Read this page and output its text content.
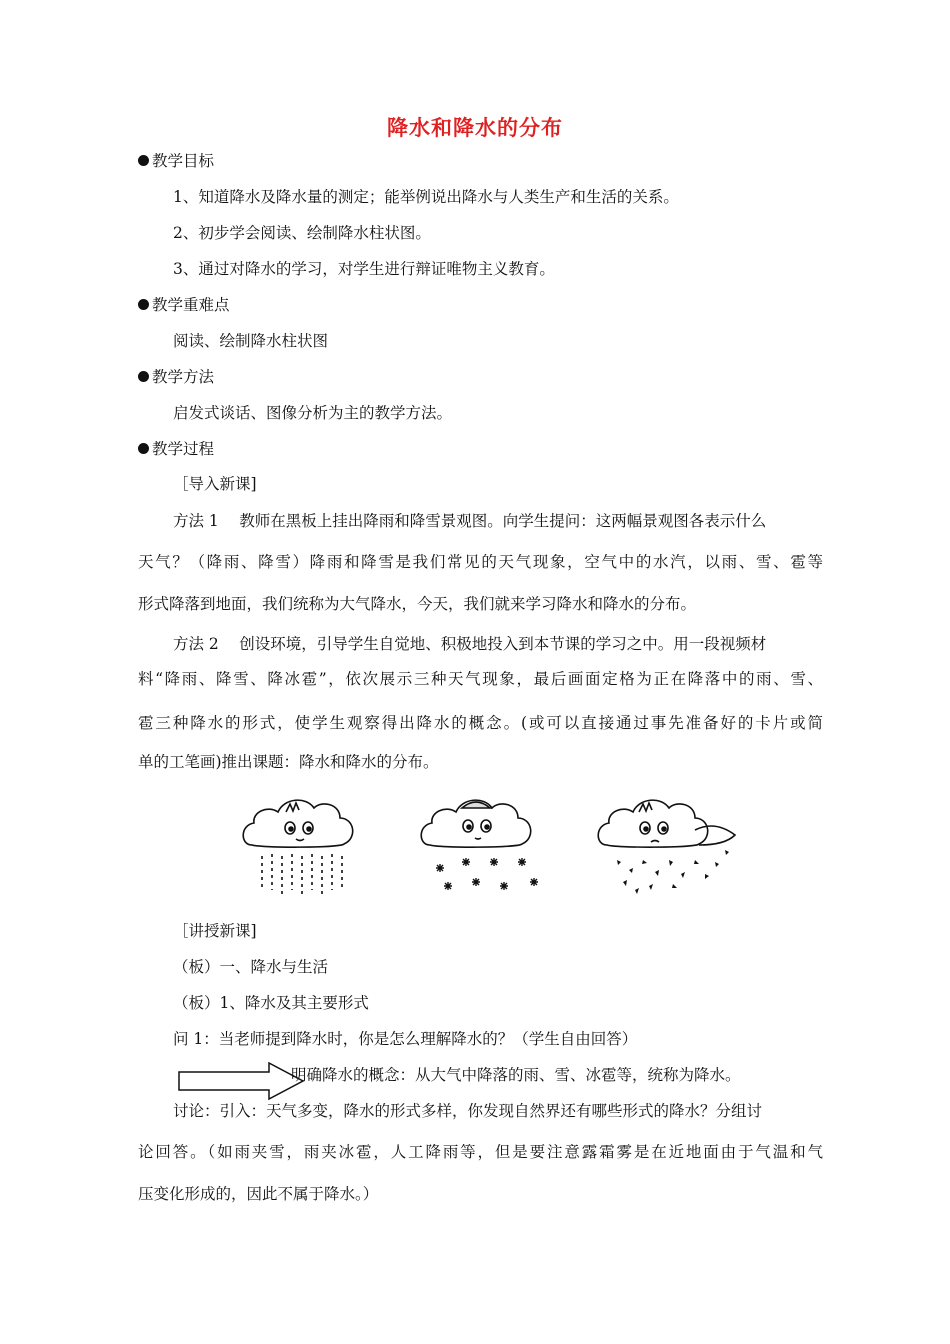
降水和降水的分布
教学目标
1、知道降水及降水量的测定；能举例说出降水与人类生产和生活的关系。
2、初步学会阅读、绘制降水柱状图。
3、通过对降水的学习，对学生进行辩证唯物主义教育。
教学重难点
阅读、绘制降水柱状图
教学方法
启发式谈话、图像分析为主的教学方法。
教学过程
［导入新课]
方法 1　 教师在黑板上挂出降雨和降雪景观图。向学生提问：这两幅景观图各表示什么
天气？（降雨、降雪）降雨和降雪是我们常见的天气现象，空气中的水汽，以雨、雪、雹等
形式降落到地面，我们统称为大气降水，今天，我们就来学习降水和降水的分布。
方法 2　 创设环境，引导学生自觉地、积极地投入到本节课的学习之中。用一段视频材
料“降雨、降雪、降冰雹”，依次展示三种天气现象，最后画面定格为正在降落中的雨、雪、
雹三种降水的形式，使学生观察得出降水的概念。(或可以直接通过事先准备好的卡片或简
单的工笔画)推出课题：降水和降水的分布。
［讲授新课]
（板）一、降水与生活
（板）1、降水及其主要形式
问 1：当老师提到降水时，你是怎么理解降水的？（学生自由回答）
明确降水的概念：从大气中降落的雨、雪、冰雹等，统称为降水。
讨论：引入：天气多变，降水的形式多样，你发现自然界还有哪些形式的降水？分组讨
论回答。（如雨夹雪，雨夹冰雹，人工降雨等，但是要注意露霜雾是在近地面由于气温和气
压变化形成的，因此不属于降水。）
